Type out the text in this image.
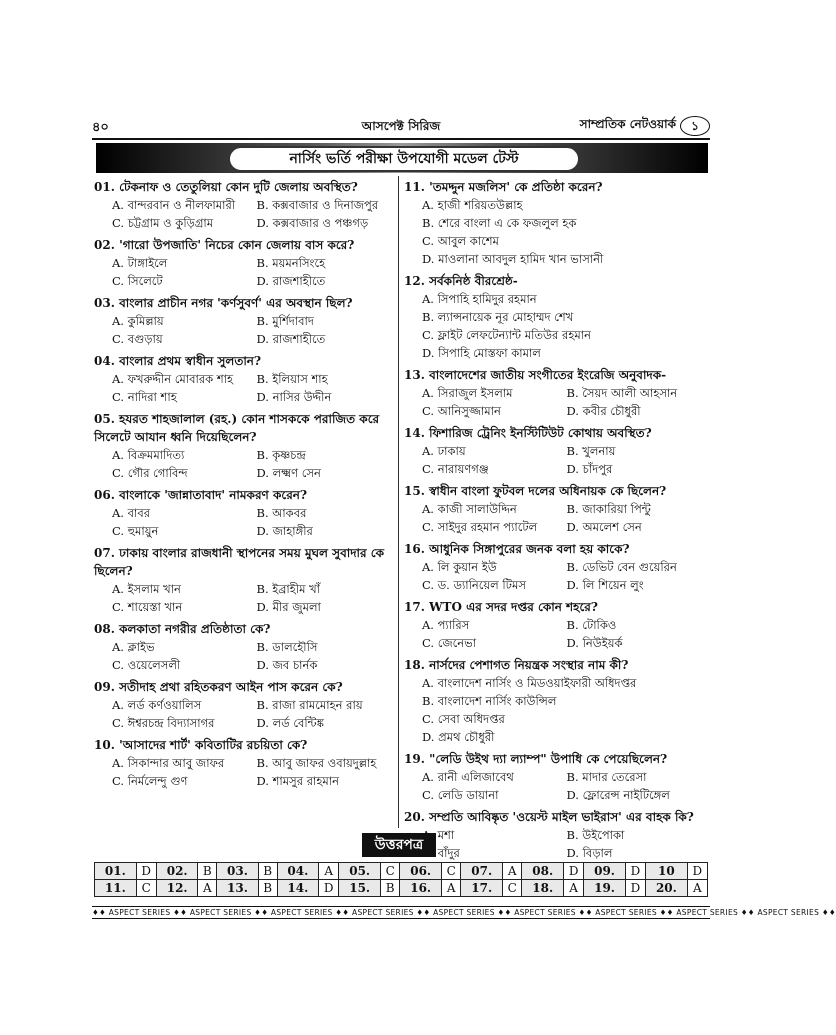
৪০	আসপেক্ট সিরিজ	সাম্প্রতিক নেটওয়ার্ক	১
নার্সিং ভর্তি পরীক্ষা উপযোগী মডেল টেস্ট
01. টেকনাফ ও তেতুলিয়া কোন দুটি জেলায় অবস্থিত?
A. বান্দরবান ও নীলফামারী	B. কক্সবাজার ও দিনাজপুর
C. চট্টগ্রাম ও কুড়িগ্রাম	D. কক্সবাজার ও পঞ্চগড়
02. 'গারো উপজাতি' নিচের কোন জেলায় বাস করে?
A. টাঙ্গাইলে	B. ময়মনসিংহে
C. সিলেটে	D. রাজশাহীতে
03. বাংলার প্রাচীন নগর 'কর্ণসুবর্ণ' এর অবস্থান ছিল?
A. কুমিল্লায়	B. মুর্শিদাবাদ
C. বগুড়ায়	D. রাজশাহীতে
04. বাংলার প্রথম স্বাধীন সুলতান?
A. ফখরুদ্দীন মোবারক শাহ	B. ইলিয়াস শাহ
C. নাদিরা শাহ	D. নাসির উদ্দীন
05. হযরত শাহজালাল (রহ.) কোন শাসককে পরাজিত করে সিলেটে আযান ধ্বনি দিয়েছিলেন?
A. বিক্রমমাদিত্য	B. কৃষ্ণচন্দ্র
C. গৌর গোবিন্দ	D. লক্ষ্মণ সেন
06. বাংলাকে 'জান্নাতাবাদ' নামকরণ করেন?
A. বাবর	B. আকবর
C. হুমায়ুন	D. জাহাঙ্গীর
07. ঢাকায় বাংলার রাজধানী স্থাপনের সময় মুঘল সুবাদার কে ছিলেন?
A. ইসলাম খান	B. ইব্রাহীম খাঁ
C. শায়েস্তা খান	D. মীর জুমলা
08. কলকাতা নগরীর প্রতিষ্ঠাতা কে?
A. ক্লাইভ	B. ডালহৌসি
C. ওয়েলেসলী	D. জব চার্নক
09. সতীদাহ প্রথা রহিতকরণ আইন পাস করেন কে?
A. লর্ড কর্ণওয়ালিস	B. রাজা রামমোহন রায়
C. ঈশ্বরচন্দ্র বিদ্যাসাগর	D. লর্ড বেন্টিঙ্ক
10. 'আসাদের শার্ট' কবিতাটির রচয়িতা কে?
A. সিকান্দার আবু জাফর	B. আবু জাফর ওবায়দুল্লাহ
C. নির্মলেন্দু গুণ	D. শামসুর রাহমান
11. 'তমদ্দুন মজলিস' কে প্রতিষ্ঠা করেন?
A. হাজী শরিয়তউল্লাহ
B. শেরে বাংলা এ কে ফজলুল হক
C. আবুল কাশেম
D. মাওলানা আবদুল হামিদ খান ভাসানী
12. সর্বকনিষ্ঠ বীরশ্রেষ্ঠ-
A. সিপাহি হামিদুর রহমান
B. ল্যান্সনায়েক নূর মোহাম্মদ শেখ
C. ফ্লাইট লেফটেন্যান্ট মতিউর রহমান
D. সিপাহি মোস্তফা কামাল
13. বাংলাদেশের জাতীয় সংগীতের ইংরেজি অনুবাদক-
A. সিরাজুল ইসলাম	B. সৈয়দ আলী আহসান
C. আনিসুজ্জামান	D. কবীর চৌধুরী
14. ফিশারিজ ট্রেনিং ইনস্টিটিউট কোথায় অবস্থিত?
A. ঢাকায়	B. খুলনায়
C. নারায়ণগঞ্জ	D. চাঁদপুর
15. স্বাধীন বাংলা ফুটবল দলের অধিনায়ক কে ছিলেন?
A. কাজী সালাউদ্দিন	B. জাকারিয়া পিন্টু
C. সাইদুর রহমান প্যাটেল	D. অমলেশ সেন
16. আধুনিক সিঙ্গাপুরের জনক বলা হয় কাকে?
A. লি কুয়ান ইউ	B. ডেভিট বেন গুয়েরিন
C. ড. ড্যানিয়েল টিমস	D. লি শিয়েন লুং
17. WTO এর সদর দপ্তর কোন শহরে?
A. প্যারিস	B. টোকিও
C. জেনেভা	D. নিউইয়র্ক
18. নার্সদের পেশাগত নিয়ন্ত্রক সংস্থার নাম কী?
A. বাংলাদেশ নার্সিং ও মিডওয়াইফারী অধিদপ্তর
B. বাংলাদেশ নার্সিং কাউন্সিল
C. সেবা অধিদপ্তর
D. প্রমথ চৌধুরী
19. "লেডি উইথ দ্যা ল্যাম্প" উপাধি কে পেয়েছিলেন?
A. রানী এলিজাবেথ	B. মাদার তেরেসা
C. লেডি ডায়ানা	D. ফ্লোরেন্স নাইটিঙ্গেল
20. সম্প্রতি আবিষ্কৃত 'ওয়েস্ট মাইল ভাইরাস' এর বাহক কি?
মশা	B. উইপোকা
বাঁদুর	D. বিড়াল
উত্তরপত্র
01.	D	02.	B	03.	B	04.	A	05.	C	06.	C	07.	A	08.	D	09.	D	10	D
11.	C	12.	A	13.	B	14.	D	15.	B	16.	A	17.	C	18.	A	19.	D	20.	A
♦♦ ASPECT SERIES ♦♦ ASPECT SERIES ♦♦ ASPECT SERIES ♦♦ ASPECT SERIES ♦♦ ASPECT SERIES ♦♦ ASPECT SERIES ♦♦ ASPECT SERIES ♦♦ ASPECT SERIES ♦♦ ASPECT SERIES ♦♦
